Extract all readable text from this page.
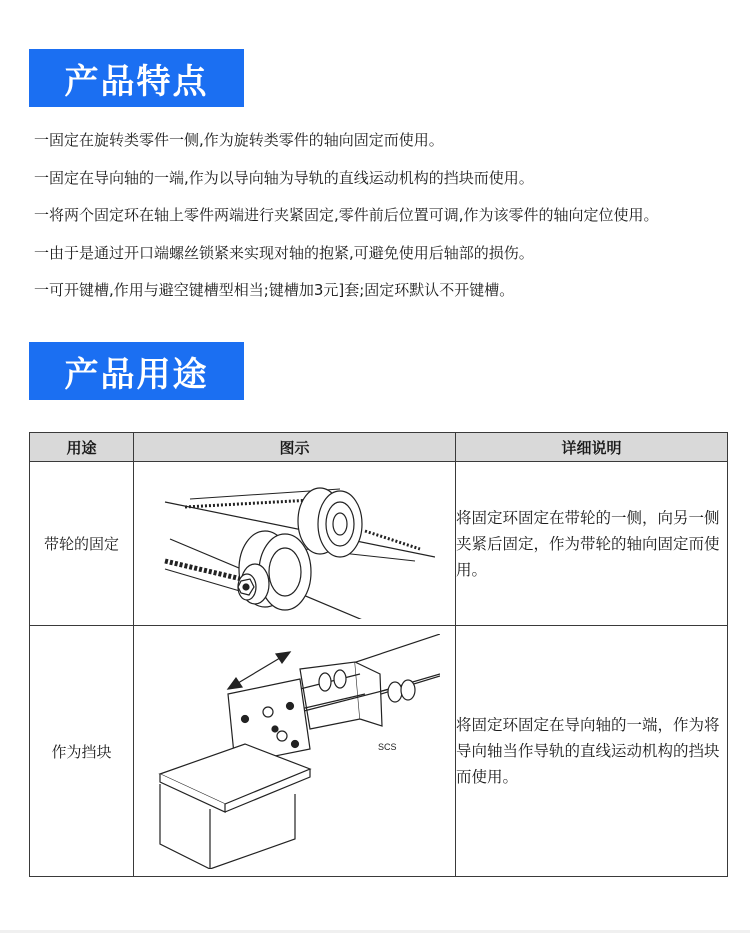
产品特点
一固定在旋转类零件一侧,作为旋转类零件的轴向固定而使用。
一固定在导向轴的一端,作为以导向轴为导轨的直线运动机构的挡块而使用。
一将两个固定环在轴上零件两端进行夹紧固定,零件前后位置可调,作为该零件的轴向定位使用。
一由于是通过开口端螺丝锁紧来实现对轴的抱紧,可避免使用后轴部的损伤。
一可开键槽,作用与避空键槽型相当;键槽加3元]套;固定环默认不开键槽。
产品用途
用途	图示	详细说明
带轮的固定		将固定环固定在带轮的一侧，向另一侧夹紧后固定，作为带轮的轴向固定而使用。
作为挡块	SCS	将固定环固定在导向轴的一端，作为将导向轴当作导轨的直线运动机构的挡块而使用。
